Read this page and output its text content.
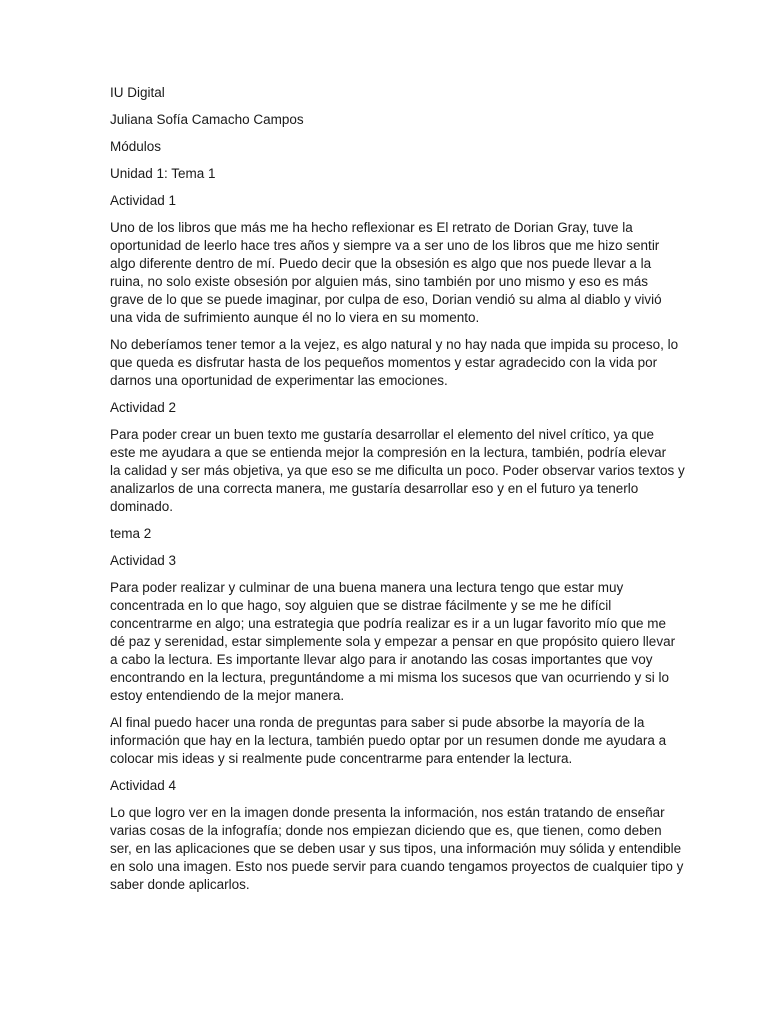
IU Digital
Juliana Sofía Camacho Campos
Módulos
Unidad 1: Tema 1
Actividad 1
Uno de los libros que más me ha hecho reflexionar es El retrato de Dorian Gray, tuve la
oportunidad de leerlo hace tres años y siempre va a ser uno de los libros que me hizo sentir
algo diferente dentro de mí. Puedo decir que la obsesión es algo que nos puede llevar a la
ruina, no solo existe obsesión por alguien más, sino también por uno mismo y eso es más
grave de lo que se puede imaginar, por culpa de eso, Dorian vendió su alma al diablo y vivió
una vida de sufrimiento aunque él no lo viera en su momento.
No deberíamos tener temor a la vejez, es algo natural y no hay nada que impida su proceso, lo
que queda es disfrutar hasta de los pequeños momentos y estar agradecido con la vida por
darnos una oportunidad de experimentar las emociones.
Actividad 2
Para poder crear un buen texto me gustaría desarrollar el elemento del nivel crítico, ya que
este me ayudara a que se entienda mejor la compresión en la lectura, también, podría elevar
la calidad y ser más objetiva, ya que eso se me dificulta un poco. Poder observar varios textos y
analizarlos de una correcta manera, me gustaría desarrollar eso y en el futuro ya tenerlo
dominado.
tema 2
Actividad 3
Para poder realizar y culminar de una buena manera una lectura tengo que estar muy
concentrada en lo que hago, soy alguien que se distrae fácilmente y se me he difícil
concentrarme en algo; una estrategia que podría realizar es ir a un lugar favorito mío que me
dé paz y serenidad, estar simplemente sola y empezar a pensar en que propósito quiero llevar
a cabo la lectura. Es importante llevar algo para ir anotando las cosas importantes que voy
encontrando en la lectura, preguntándome a mi misma los sucesos que van ocurriendo y si lo
estoy entendiendo de la mejor manera.
Al final puedo hacer una ronda de preguntas para saber si pude absorbe la mayoría de la
información que hay en la lectura, también puedo optar por un resumen donde me ayudara a
colocar mis ideas y si realmente pude concentrarme para entender la lectura.
Actividad 4
Lo que logro ver en la imagen donde presenta la información, nos están tratando de enseñar
varias cosas de la infografía; donde nos empiezan diciendo que es, que tienen, como deben
ser, en las aplicaciones que se deben usar y sus tipos, una información muy sólida y entendible
en solo una imagen. Esto nos puede servir para cuando tengamos proyectos de cualquier tipo y
saber donde aplicarlos.
